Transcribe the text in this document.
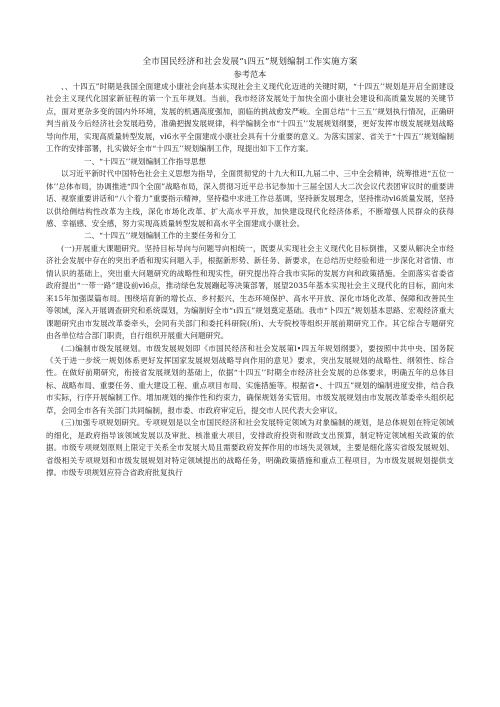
全市国民经济和社会发展“ι四五”规划编制工作实施方案

参考范本

、、十四五”时期是我国全面建成小康社会向基本实现社会主义现代化迈进的关键时期，“十四五’’规划是开启全面建设社会主义现代化国家新征程的第一个五年规划。当前，我市经济发展处于加快全面小康社会建设和高质量发展的关键节点，面对更杂多变的国内外环境，发展的机遇高度强加，面临的挑战愈发严峻。全面总结“十三五’’规划执行情况，正确研判当前及今后经济社会发展趋势，准确把握发展规律，科学编制全市“十四五’’发展规划纲要，更好发挥市级发展规划战略导向作用，实现高质量转型发展，vl6水平全面建成小康社会具有十分重要的意义。为落实国家、省关于“十四五’’规划编制工作的安排部署，扎实做好全市“十四五’’规划编制工作，现提出如下工作方案。

一、“十四五’’规划编制工作指导思想

以习近平新时代中国特色社会主义思想为指导，全面贯彻党的十九大和II,九届二中、三中全会精神，统筹推进“五位一体’’总体布局，协调推进“四个全面”战略布局，深入贯彻习近平总书记参加十三届全国人大二次会议代表团审议时的重要讲话、视察重要讲话和“八个着力”重要指示精神，坚持稳中求进工作总基调，坚持新发展理念，坚持推动vl6质量发展，坚持以供给侧结构性改革为主线，深化市场化改革、扩大高水平开放，加快建设现代化经济体系，不断增强人民群众的获得感、幸福感、安全感，努力实现高质量转型发展和高水平全面建成小康社会。

二、“十四五’’规划编制工作的主要任务和分工

(一)开展重大课题研究。坚持目标导向与问题导向相统一，既要从实现社会主义现代化目标倒推，又要从解决全市经济社会发展中存在的突出矛盾和现实问题入手，根据新形势、新任务、新要求，在总结历史经验和进一步深化对省情、市情认识的基础上，突出重大问题研究的战略性和现实性，研究提出符合我市实际的发展方向和政策措施。全面落实省委省政府提出“一带一路”建设前vl6点，推动绿色发展蹦起等决策部署，展望2035年基本实现社会主义现代化的目标，面向未来15年加强谋篇布局。围绕培育新的增长点、乡村振兴、生态环境保护、高水平开放、深化市场化改革、保障和改善民生等领域，深入开展调查研究和系统谋划，为编制好全市“ι四五”规划奠定基础。我市“卜四五”规划基本思路、宏观经济重大课题研究由市发展改革委牵头，会同有关部门和委托科研院(所)、大专院校等组织开展前期研究工作。其它综合专题研究由各单位结合部门职责，自行组织开展重大问题研究。

(二)编制市级发展规划。市级发展规划即《市国民经济和社会发展第l•四五年规划纲要》，要按照中共中央、国务院《关于进一步统一规划体系更好发挥国家发展规划战略导向作用的意见》要求，突出发展规划的战略性、纲领性、综合性。在做好前期研究，衔接省发展规划的基础上，依据“十四五’’时期全市经济社会发展的总体要求，明确五年的总体目标、战略布局、重要任务、重大建设工程、重点项目布局、实施措施等。根据省•、十四五”规划的编制进度安排，结合我市实际，行序开展编制工作。增加规划的操作性和约束力，确保规划务实管用。市级发展规划由市发展改革委牵头组织起草，会同全市各有关部门共同编制，报市委、市政府审定后，提交市人民代表大会审议。

(三)加强专项规划研究。专项规划是以全市国民经济和社会发展特定领域为对象编制的规划，是总体规划在特定领域的细化，是政府指导该领域发展以及审批、核准重大项目，安排政府投资和财政支出预算，制定特定领域相关政策的依据。市级专项规划原则上限定于关系全市发展大局且需要政府发挥作用的市场失灵领域，主要是细化落实省级发展规划、省级相关专项规划和市级发展规划对特定领域提出的战略任务，明确政策措施和重点工程项目，为市级发展规划提供支撑。市级专项规划应符合省政府批复执行
